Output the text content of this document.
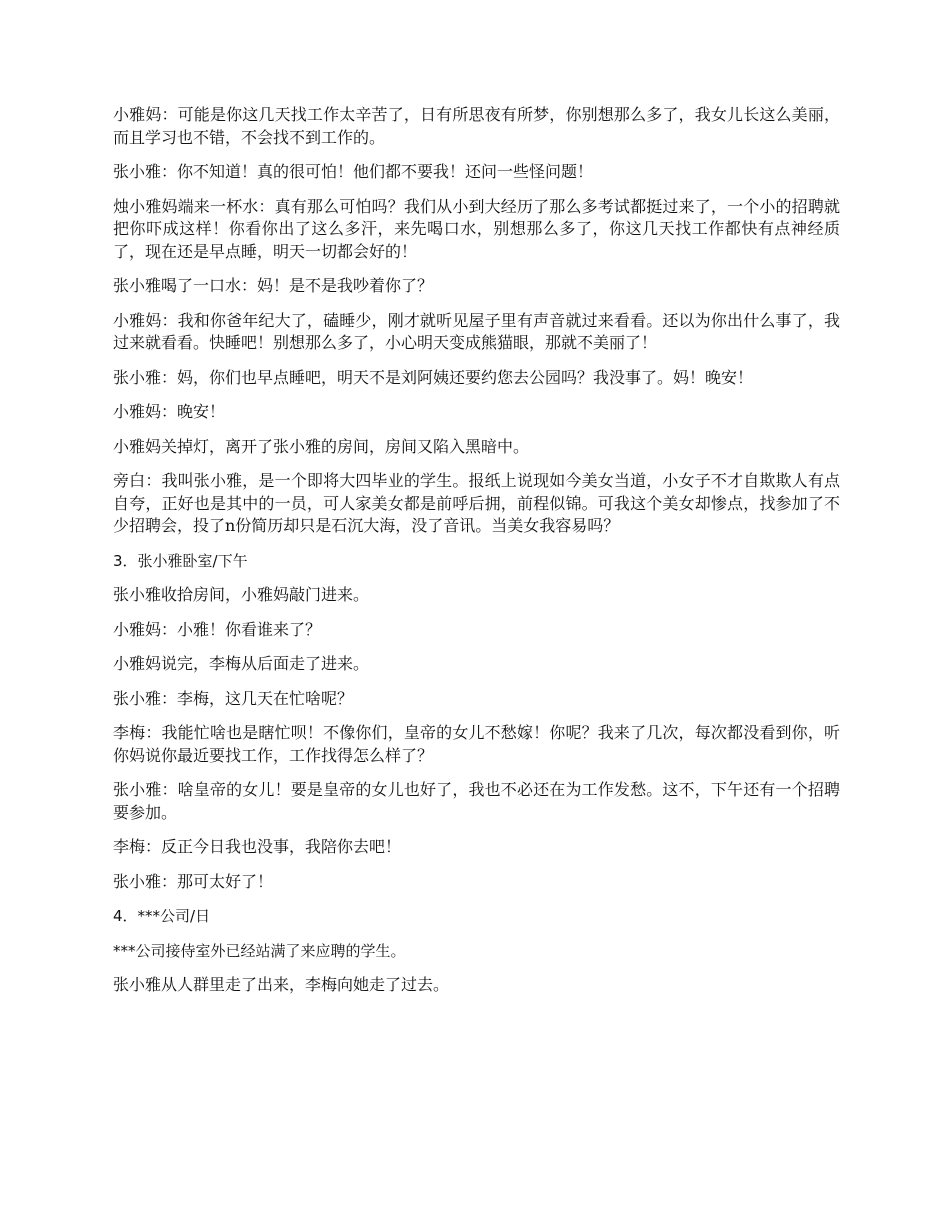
小雅妈：可能是你这几天找工作太辛苦了，日有所思夜有所梦，你别想那么多了，我女儿长这么美丽，而且学习也不错，不会找不到工作的。

张小雅：你不知道！真的很可怕！他们都不要我！还问一些怪问题！

烛小雅妈端来一杯水：真有那么可怕吗？我们从小到大经历了那么多考试都挺过来了，一个小的招聘就把你吓成这样！你看你出了这么多汗，来先喝口水，别想那么多了，你这几天找工作都快有点神经质了，现在还是早点睡，明天一切都会好的！

张小雅喝了一口水：妈！是不是我吵着你了？

小雅妈：我和你爸年纪大了，磕睡少，刚才就听见屋子里有声音就过来看看。还以为你出什么事了，我过来就看看。快睡吧！别想那么多了，小心明天变成熊猫眼，那就不美丽了！

张小雅：妈，你们也早点睡吧，明天不是刘阿姨还要约您去公园吗？我没事了。妈！晚安！

小雅妈：晚安！

小雅妈关掉灯，离开了张小雅的房间，房间又陷入黑暗中。

旁白：我叫张小雅，是一个即将大四毕业的学生。报纸上说现如今美女当道，小女子不才自欺欺人有点自夸，正好也是其中的一员，可人家美女都是前呼后拥，前程似锦。可我这个美女却惨点，找参加了不少招聘会，投了n份简历却只是石沉大海，没了音讯。当美女我容易吗？

3．张小雅卧室/下午

张小雅收拾房间，小雅妈敲门进来。

小雅妈：小雅！你看谁来了？

小雅妈说完，李梅从后面走了进来。

张小雅：李梅，这几天在忙啥呢？

李梅：我能忙啥也是瞎忙呗！不像你们，皇帝的女儿不愁嫁！你呢？我来了几次，每次都没看到你，听你妈说你最近要找工作，工作找得怎么样了？

张小雅：啥皇帝的女儿！要是皇帝的女儿也好了，我也不必还在为工作发愁。这不，下午还有一个招聘要参加。

李梅：反正今日我也没事，我陪你去吧！

张小雅：那可太好了！

4．***公司/日

***公司接侍室外已经站满了来应聘的学生。

张小雅从人群里走了出来，李梅向她走了过去。
